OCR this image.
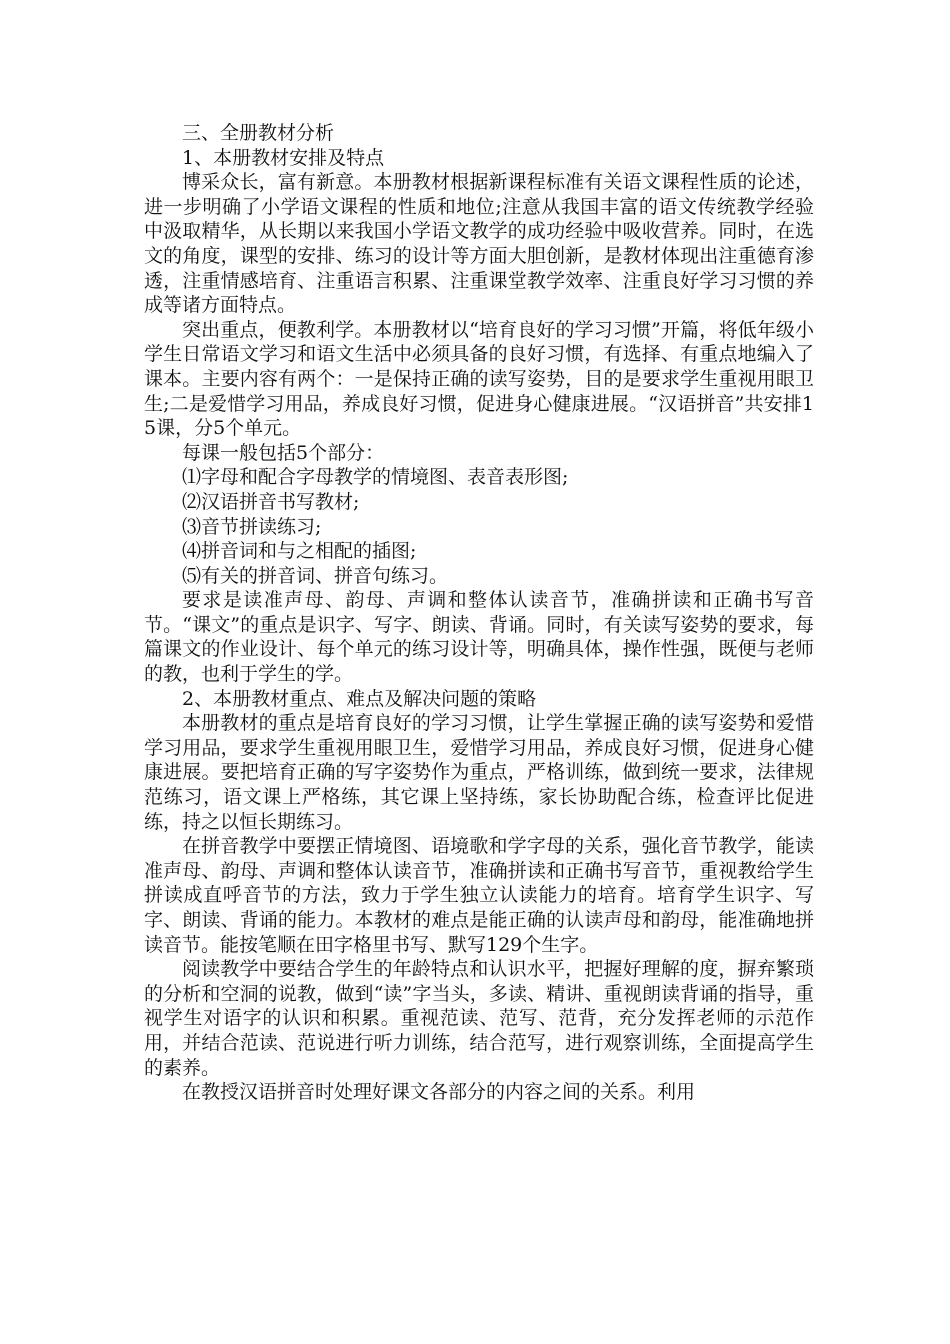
三、全册教材分析

1、本册教材安排及特点

博采众长，富有新意。本册教材根据新课程标准有关语文课程性质的论述，进一步明确了小学语文课程的性质和地位;注意从我国丰富的语文传统教学经验中汲取精华，从长期以来我国小学语文教学的成功经验中吸收营养。同时，在选文的角度，课型的安排、练习的设计等方面大胆创新，是教材体现出注重德育渗透，注重情感培育、注重语言积累、注重课堂教学效率、注重良好学习习惯的养成等诸方面特点。

突出重点，便教利学。本册教材以“培育良好的学习习惯”开篇，将低年级小学生日常语文学习和语文生活中必须具备的良好习惯，有选择、有重点地编入了课本。主要内容有两个：一是保持正确的读写姿势，目的是要求学生重视用眼卫生;二是爱惜学习用品，养成良好习惯，促进身心健康进展。“汉语拼音”共安排15课，分5个单元。

每课一般包括5个部分：

⑴字母和配合字母教学的情境图、表音表形图;

⑵汉语拼音书写教材;

⑶音节拼读练习;

⑷拼音词和与之相配的插图;

⑸有关的拼音词、拼音句练习。

要求是读准声母、韵母、声调和整体认读音节，准确拼读和正确书写音节。“课文”的重点是识字、写字、朗读、背诵。同时，有关读写姿势的要求，每篇课文的作业设计、每个单元的练习设计等，明确具体，操作性强，既便与老师的教，也利于学生的学。

2、本册教材重点、难点及解决问题的策略

本册教材的重点是培育良好的学习习惯，让学生掌握正确的读写姿势和爱惜学习用品，要求学生重视用眼卫生，爱惜学习用品，养成良好习惯，促进身心健康进展。要把培育正确的写字姿势作为重点，严格训练，做到统一要求，法律规范练习，语文课上严格练，其它课上坚持练，家长协助配合练，检查评比促进练，持之以恒长期练习。

在拼音教学中要摆正情境图、语境歌和学字母的关系，强化音节教学，能读准声母、韵母、声调和整体认读音节，准确拼读和正确书写音节，重视教给学生拼读成直呼音节的方法，致力于学生独立认读能力的培育。培育学生识字、写字、朗读、背诵的能力。本教材的难点是能正确的认读声母和韵母，能准确地拼读音节。能按笔顺在田字格里书写、默写129个生字。

阅读教学中要结合学生的年龄特点和认识水平，把握好理解的度，摒弃繁琐的分析和空洞的说教，做到“读”字当头，多读、精讲、重视朗读背诵的指导，重视学生对语字的认识和积累。重视范读、范写、范背，充分发挥老师的示范作用，并结合范读、范说进行听力训练，结合范写，进行观察训练，全面提高学生的素养。

在教授汉语拼音时处理好课文各部分的内容之间的关系。利用
